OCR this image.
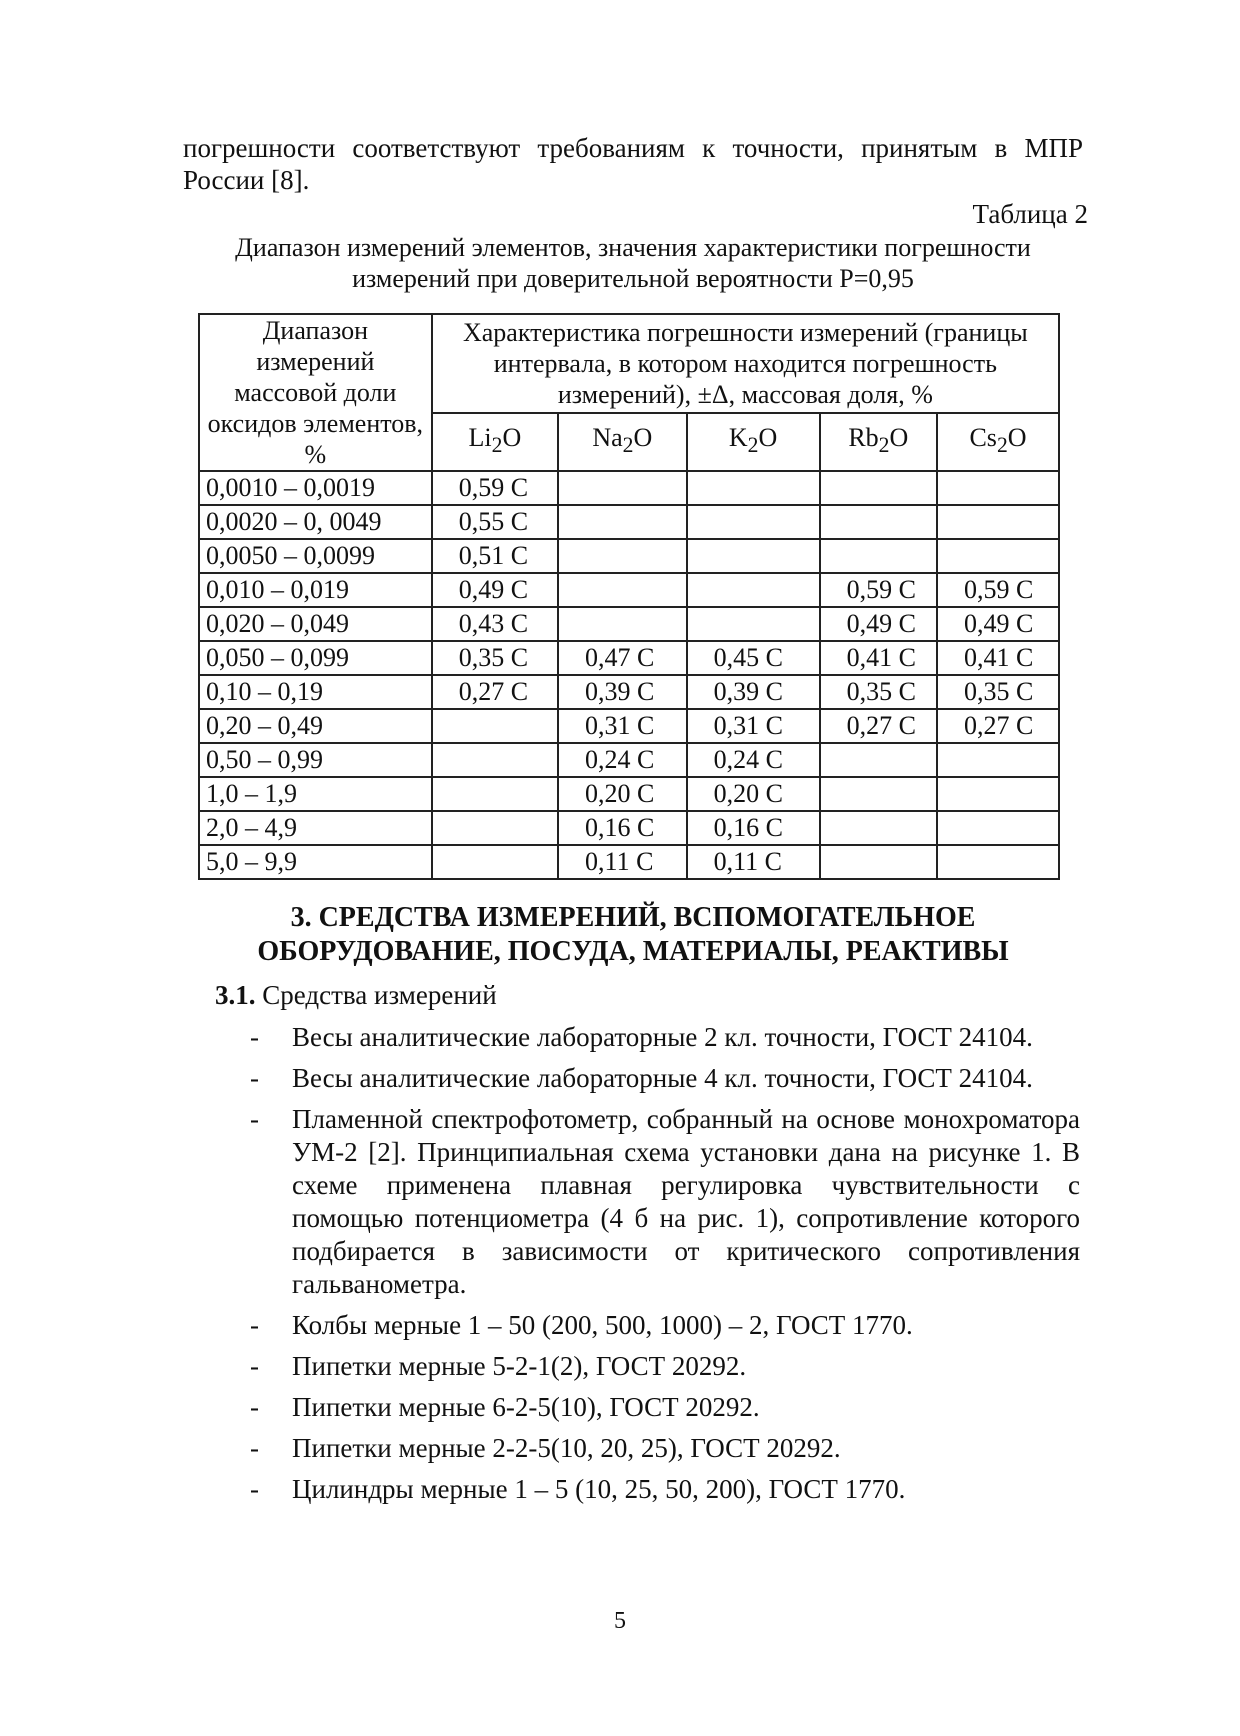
погрешности соответствуют требованиям к точности, принятым в МПР России [8].
Таблица 2
Диапазон измерений элементов, значения характеристики погрешности измерений при доверительной вероятности Р=0,95
Диапазон измерений массовой доли оксидов элементов, %	Характеристика погрешности измерений (границы интервала, в котором находится погрешность измерений), ±Δ, массовая доля, %				
	$Li_2O$	$Na_2O$	$K_2O$	$Rb_2O$	$Cs_2O$
0,0010 – 0,0019	0,59 С				
0,0020 – 0, 0049	0,55 С				
0,0050 – 0,0099	0,51 С				
0,010 – 0,019	0,49 С			0,59 С	0,59 С
0,020 – 0,049	0,43 С			0,49 С	0,49 С
0,050 – 0,099	0,35 С	0,47 С	0,45 С	0,41 С	0,41 С
0,10 – 0,19	0,27 С	0,39 С	0,39 С	0,35 С	0,35 С
0,20 – 0,49		0,31 С	0,31 С	0,27 С	0,27 С
0,50 – 0,99		0,24 С	0,24 С		
1,0 – 1,9		0,20 С	0,20 С		
2,0 – 4,9		0,16 С	0,16 С		
5,0 – 9,9		0,11 С	0,11 С		
3. СРЕДСТВА ИЗМЕРЕНИЙ, ВСПОМОГАТЕЛЬНОЕ ОБОРУДОВАНИЕ, ПОСУДА, МАТЕРИАЛЫ, РЕАКТИВЫ
3.1. Средства измерений
- Весы аналитические лабораторные 2 кл. точности, ГОСТ 24104.
- Весы аналитические лабораторные 4 кл. точности, ГОСТ 24104.
- Пламенной спектрофотометр, собранный на основе монохроматора УМ-2 [2]. Принципиальная схема установки дана на рисунке 1. В схеме применена плавная регулировка чувствительности с помощью потенциометра (4 б на рис. 1), сопротивление которого подбирается в зависимости от критического сопротивления гальванометра.
- Колбы мерные 1 – 50 (200, 500, 1000) – 2, ГОСТ 1770.
- Пипетки мерные 5-2-1(2), ГОСТ 20292.
- Пипетки мерные 6-2-5(10), ГОСТ 20292.
- Пипетки мерные 2-2-5(10, 20, 25), ГОСТ 20292.
- Цилиндры мерные 1 – 5 (10, 25, 50, 200), ГОСТ 1770.
5
